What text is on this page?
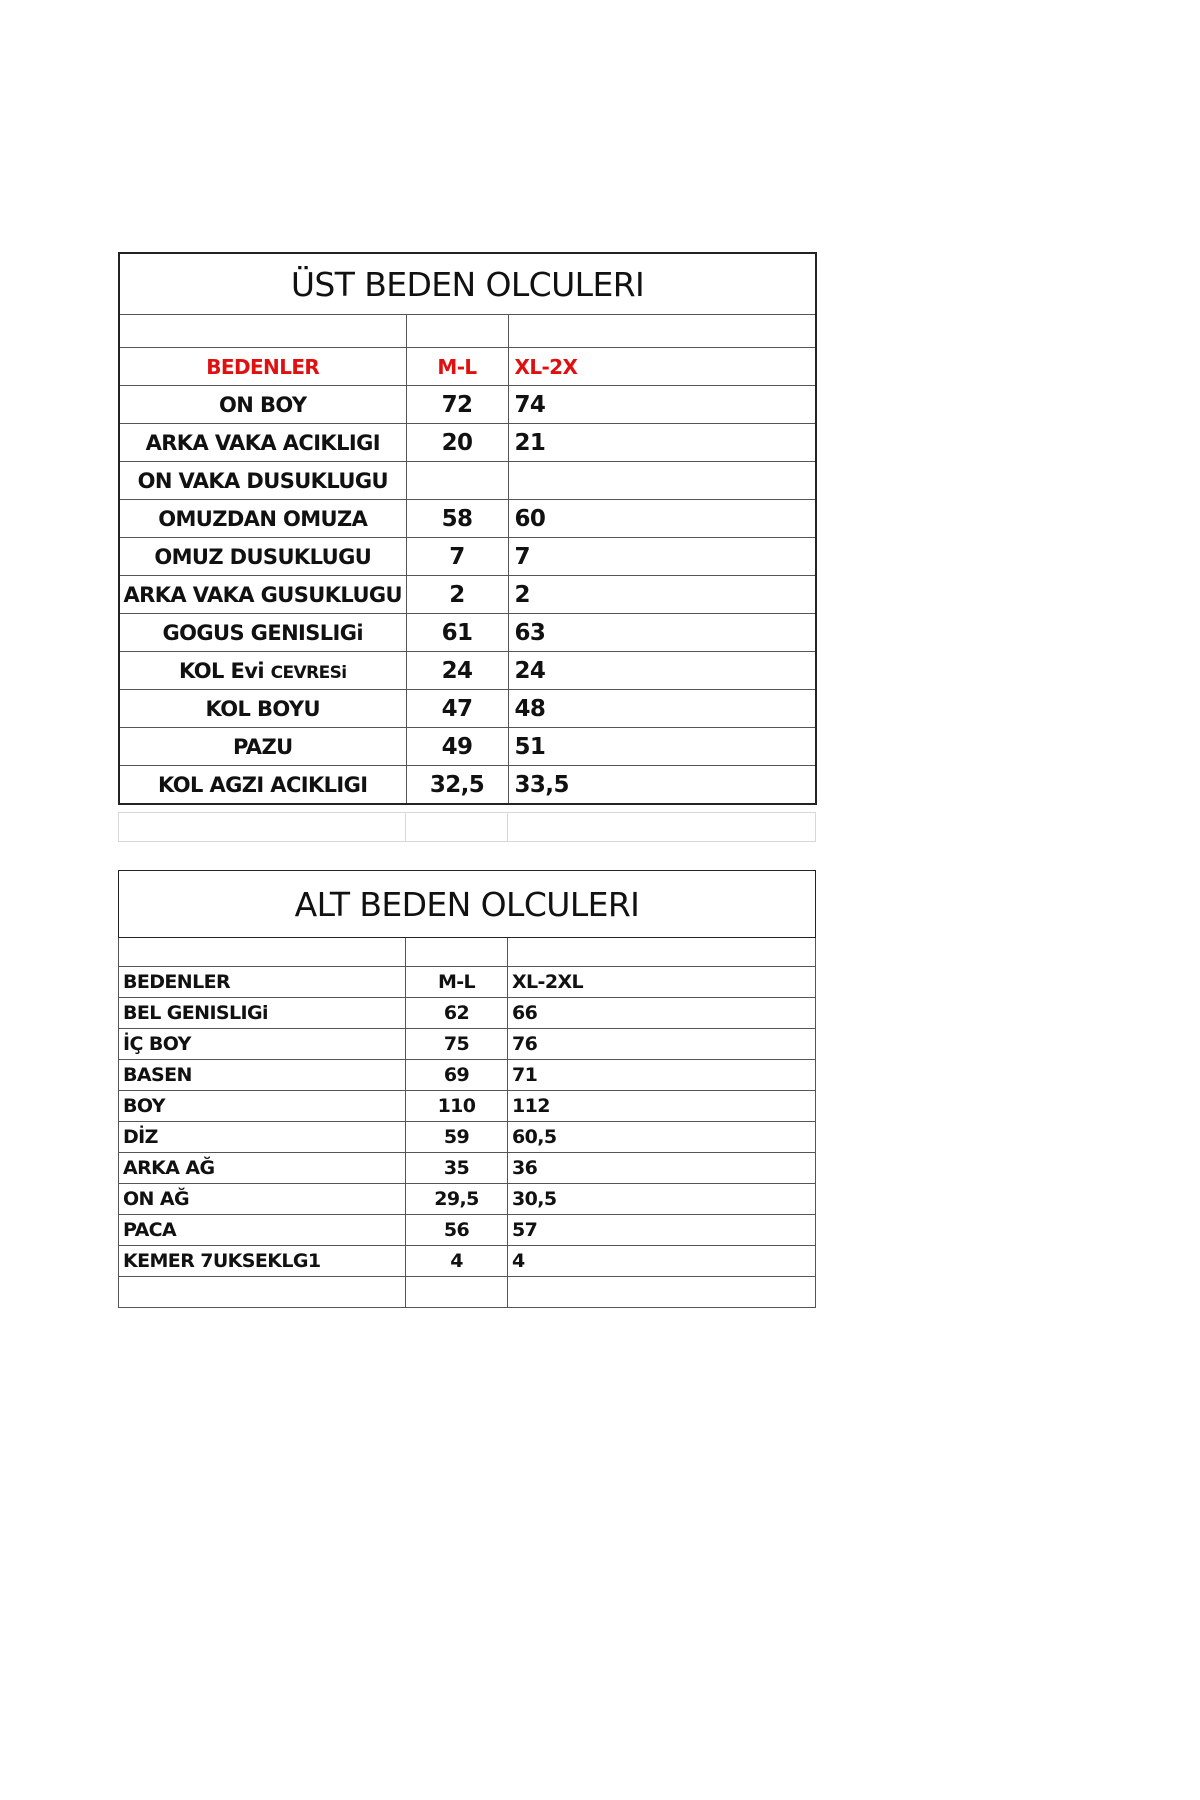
ÜST BEDEN OLCULERI		

BEDENLER	M-L	XL-2X
ON BOY	72	74
ARKA VAKA ACIKLIGI	20	21
ON VAKA DUSUKLUGU		
OMUZDAN OMUZA	58	60
OMUZ DUSUKLUGU	7	7
ARKA VAKA GUSUKLUGU	2	2
GOGUS GENISLIGi	61	63
KOL Evi CEVRESi	24	24
KOL BOYU	47	48
PAZU	49	51
KOL AGZI ACIKLIGI	32,5	33,5

ALT BEDEN OLCULERI		

BEDENLER	M-L	XL-2XL
BEL GENISLIGi	62	66
İÇ BOY	75	76
BASEN	69	71
BOY	110	112
DİZ	59	60,5
ARKA AĞ	35	36
ON AĞ	29,5	30,5
PACA	56	57
KEMER 7UKSEKLG1	4	4
